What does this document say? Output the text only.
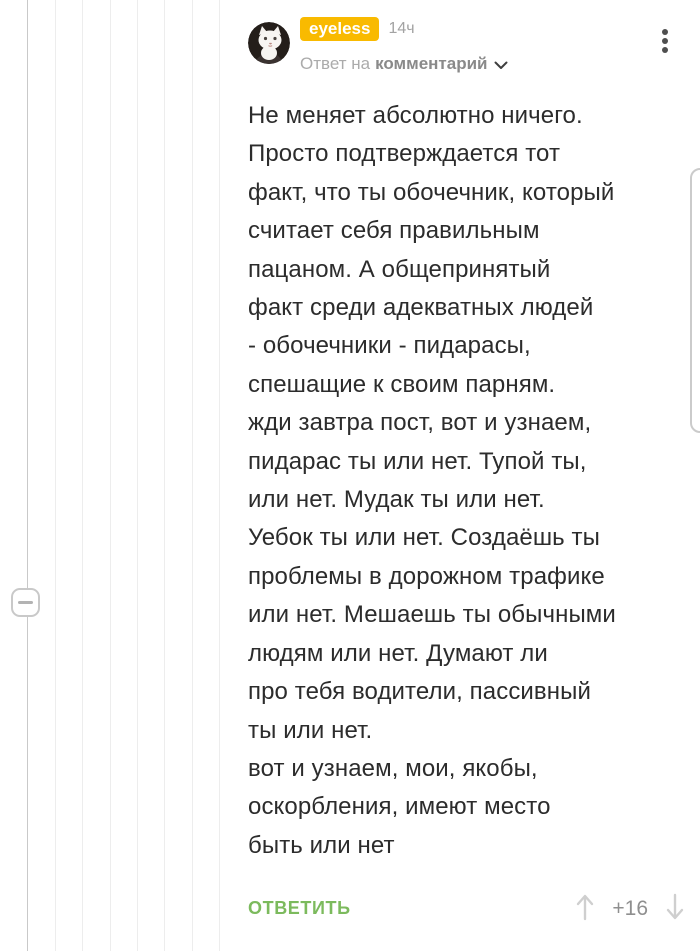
eyeless	14ч
Ответ на комментарий
Не меняет абсолютно ничего.
Просто подтверждается тот
факт, что ты обочечник, который
считает себя правильным
пацаном. А общепринятый
факт среди адекватных людей
- обочечники - пидарасы,
спешащие к своим парням.
жди завтра пост, вот и узнаем,
пидарас ты или нет. Тупой ты,
или нет. Мудак ты или нет.
Уебок ты или нет. Создаёшь ты
проблемы в дорожном трафике
или нет. Мешаешь ты обычными
людям или нет. Думают ли
про тебя водители, пассивный
ты или нет.
вот и узнаем, мои, якобы,
оскорбления, имеют место
быть или нет
ОТВЕТИТЬ	+16
